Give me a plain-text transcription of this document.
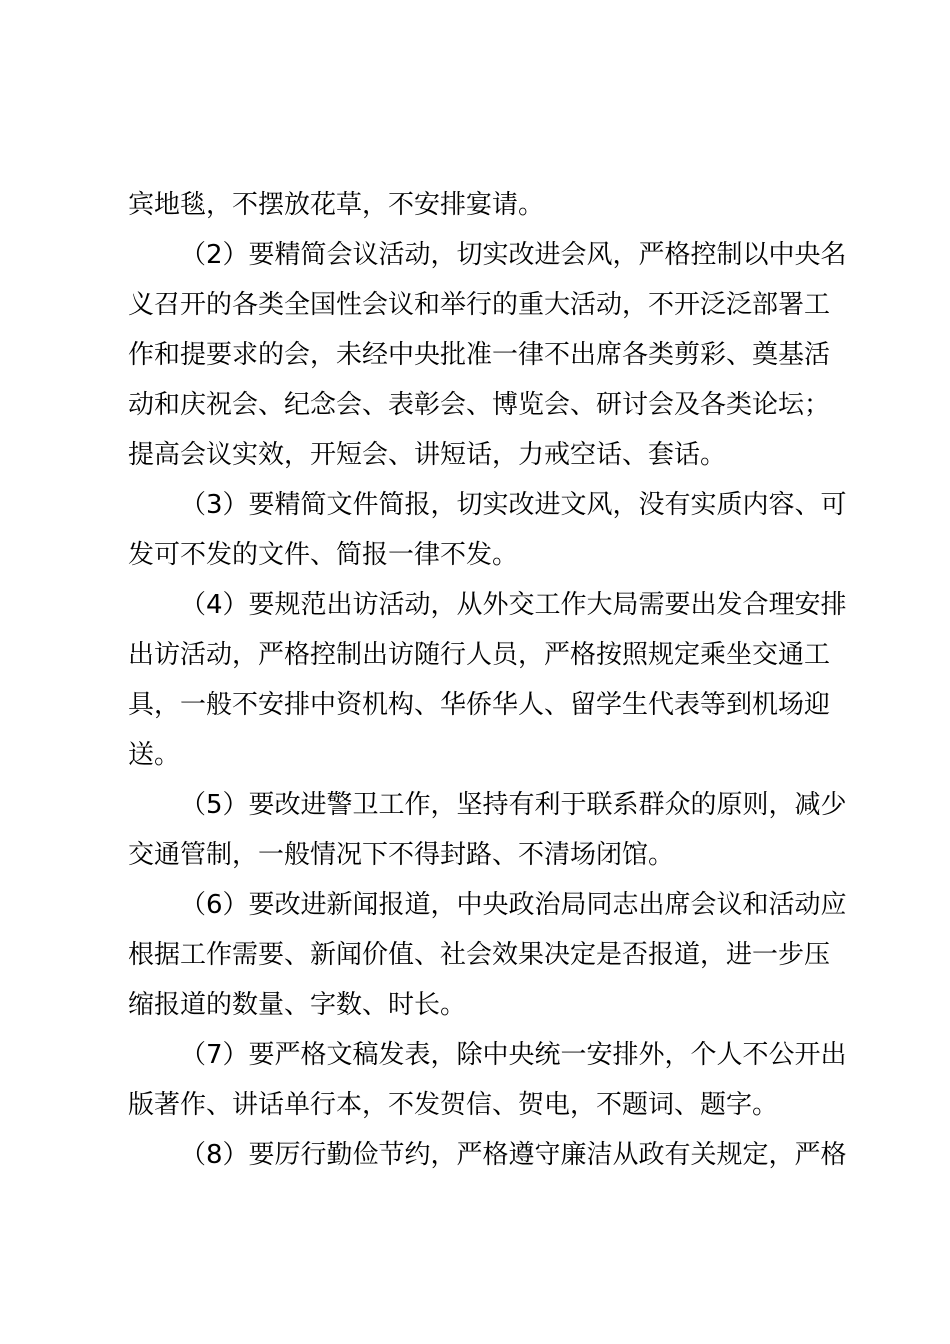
宾地毯，不摆放花草，不安排宴请。
（2）要精简会议活动，切实改进会风，严格控制以中央名
义召开的各类全国性会议和举行的重大活动，不开泛泛部署工
作和提要求的会，未经中央批准一律不出席各类剪彩、奠基活
动和庆祝会、纪念会、表彰会、博览会、研讨会及各类论坛；
提高会议实效，开短会、讲短话，力戒空话、套话。
（3）要精简文件简报，切实改进文风，没有实质内容、可
发可不发的文件、简报一律不发。
（4）要规范出访活动，从外交工作大局需要出发合理安排
出访活动，严格控制出访随行人员，严格按照规定乘坐交通工
具，一般不安排中资机构、华侨华人、留学生代表等到机场迎
送。
（5）要改进警卫工作，坚持有利于联系群众的原则，减少
交通管制，一般情况下不得封路、不清场闭馆。
（6）要改进新闻报道，中央政治局同志出席会议和活动应
根据工作需要、新闻价值、社会效果决定是否报道，进一步压
缩报道的数量、字数、时长。
（7）要严格文稿发表，除中央统一安排外，个人不公开出
版著作、讲话单行本，不发贺信、贺电，不题词、题字。
（8）要厉行勤俭节约，严格遵守廉洁从政有关规定，严格
